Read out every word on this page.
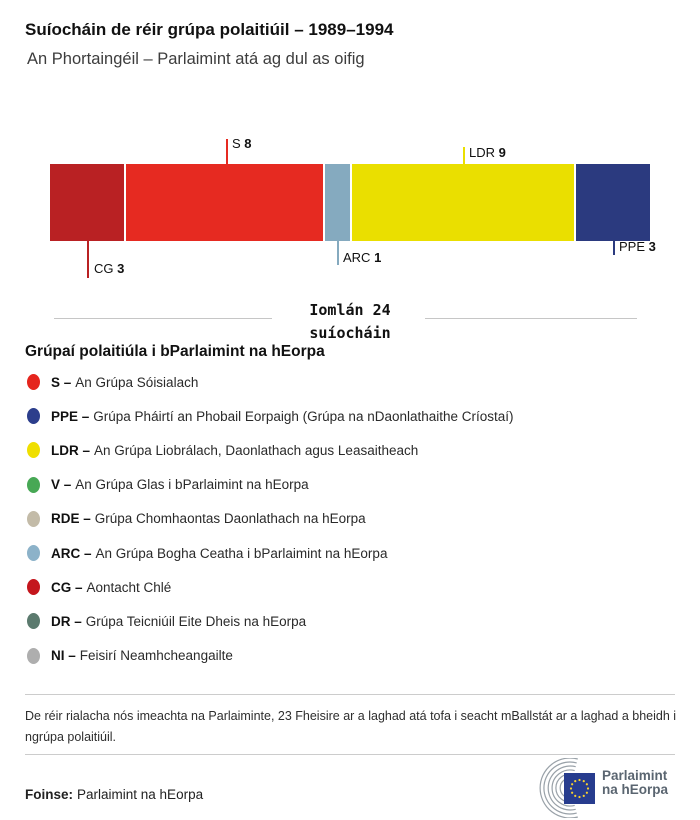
Suíocháin de réir grúpa polaitiúil – 1989–1994
An Phortaingéil – Parlaimint atá ag dul as oifig
S 8
LDR 9
CG 3
ARC 1
PPE 3
Iomlán 24
suíocháin
Grúpaí polaitiúla i bParlaimint na hEorpa
S – An Grúpa Sóisialach
PPE – Grúpa Pháirtí an Phobail Eorpaigh (Grúpa na nDaonlathaithe Críostaí)
LDR – An Grúpa Liobrálach, Daonlathach agus Leasaitheach
V – An Grúpa Glas i bParlaimint na hEorpa
RDE – Grúpa Chomhaontas Daonlathach na hEorpa
ARC – An Grúpa Bogha Ceatha i bParlaimint na hEorpa
CG – Aontacht Chlé
DR – Grúpa Teicniúil Eite Dheis na hEorpa
NI – Feisirí Neamhcheangailte
De réir rialacha nós imeachta na Parlaiminte, 23 Fheisire ar a laghad atá tofa i seacht mBallstát ar a laghad a bheidh i ngrúpa polaitiúil.
Foinse: Parlaimint na hEorpa
Parlaimint
na hEorpa
